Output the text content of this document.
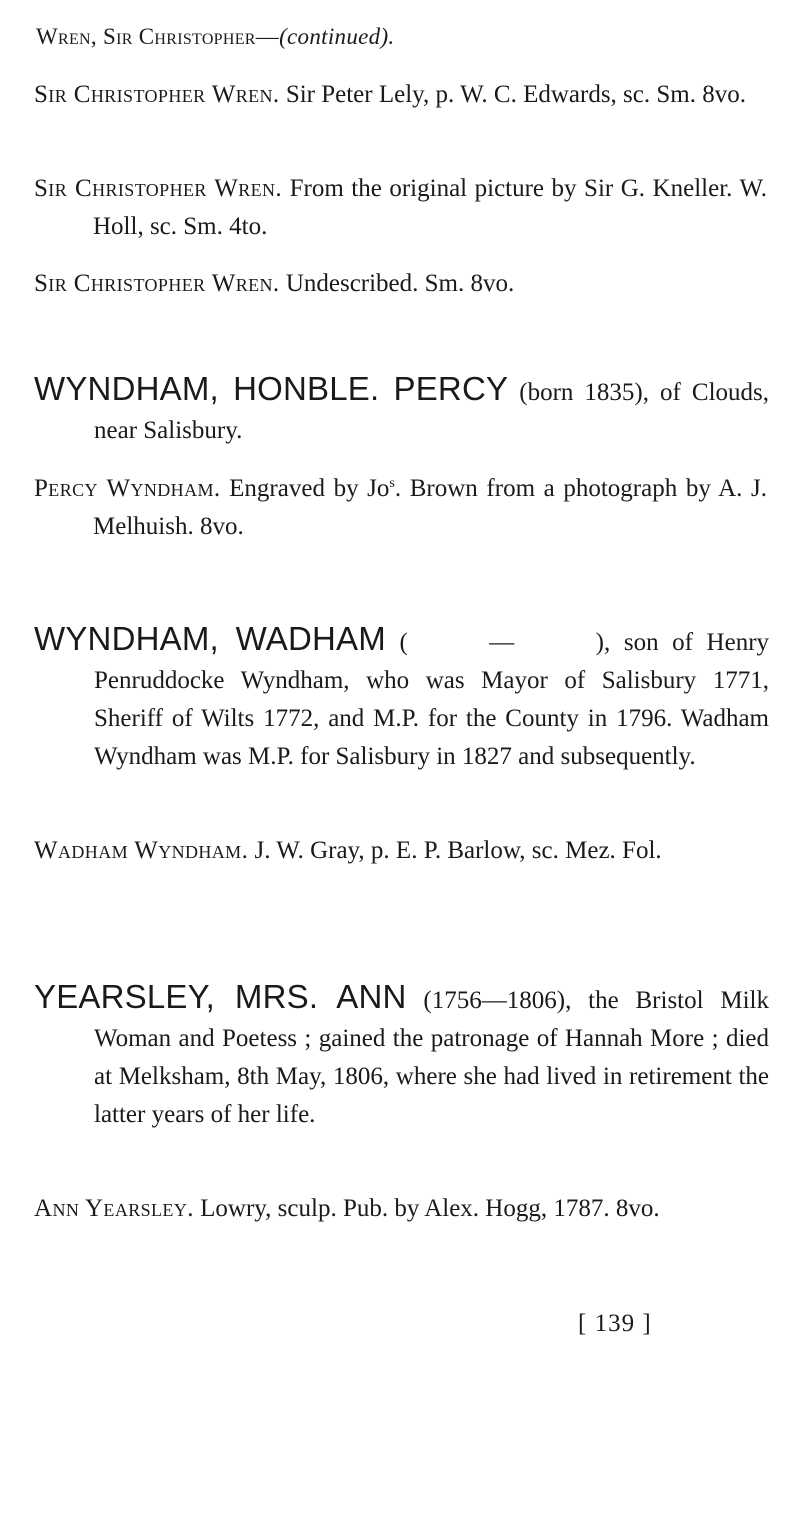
Wren, Sir Christopher—(continued).
Sir Christopher Wren. Sir Peter Lely, p. W. C. Edwards, sc. Sm. 8vo.
Sir Christopher Wren. From the original picture by Sir G. Kneller. W. Holl, sc. Sm. 4to.
Sir Christopher Wren. Undescribed. Sm. 8vo.
WYNDHAM, HONBLE. PERCY (born 1835), of Clouds, near Salisbury.
Percy Wyndham. Engraved by Jo$^s$. Brown from a photograph by A. J. Melhuish. 8vo.
WYNDHAM, WADHAM (      —      ), son of Henry Penruddocke Wyndham, who was Mayor of Salisbury 1771, Sheriff of Wilts 1772, and M.P. for the County in 1796. Wadham Wyndham was M.P. for Salisbury in 1827 and subsequently.
Wadham Wyndham. J. W. Gray, p. E. P. Barlow, sc. Mez. Fol.
YEARSLEY, MRS. ANN (1756—1806), the Bristol Milk Woman and Poetess ; gained the patronage of Hannah More ; died at Melksham, 8th May, 1806, where she had lived in retirement the latter years of her life.
Ann Yearsley. Lowry, sculp. Pub. by Alex. Hogg, 1787. 8vo.
[ 139 ]
